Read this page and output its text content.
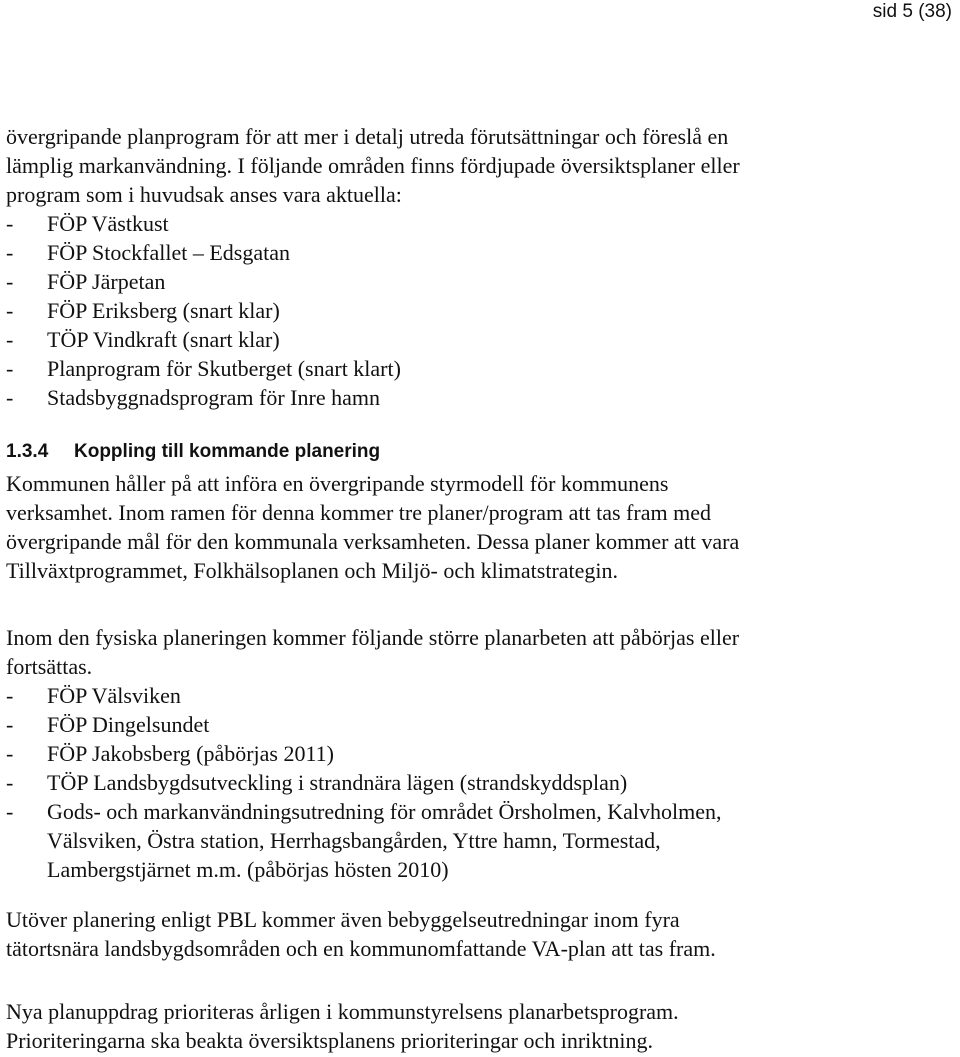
sid 5 (38)
övergripande planprogram för att mer i detalj utreda förutsättningar och föreslå en
lämplig markanvändning. I följande områden finns fördjupade översiktsplaner eller
program som i huvudsak anses vara aktuella:
- FÖP Västkust
- FÖP Stockfallet – Edsgatan
- FÖP Järpetan
- FÖP Eriksberg (snart klar)
- TÖP Vindkraft (snart klar)
- Planprogram för Skutberget (snart klart)
- Stadsbyggnadsprogram för Inre hamn
1.3.4 Koppling till kommande planering
Kommunen håller på att införa en övergripande styrmodell för kommunens
verksamhet. Inom ramen för denna kommer tre planer/program att tas fram med
övergripande mål för den kommunala verksamheten. Dessa planer kommer att vara
Tillväxtprogrammet, Folkhälsoplanen och Miljö- och klimatstrategin.
Inom den fysiska planeringen kommer följande större planarbeten att påbörjas eller
fortsättas.
- FÖP Välsviken
- FÖP Dingelsundet
- FÖP Jakobsberg (påbörjas 2011)
- TÖP Landsbygdsutveckling i strandnära lägen (strandskyddsplan)
- Gods- och markanvändningsutredning för området Örsholmen, Kalvholmen,
Välsviken, Östra station, Herrhagsbangården, Yttre hamn, Tormestad,
Lambergstjärnet m.m. (påbörjas hösten 2010)
Utöver planering enligt PBL kommer även bebyggelseutredningar inom fyra
tätortsnära landsbygdsområden och en kommunomfattande VA-plan att tas fram.
Nya planuppdrag prioriteras årligen i kommunstyrelsens planarbetsprogram.
Prioriteringarna ska beakta översiktsplanens prioriteringar och inriktning.
